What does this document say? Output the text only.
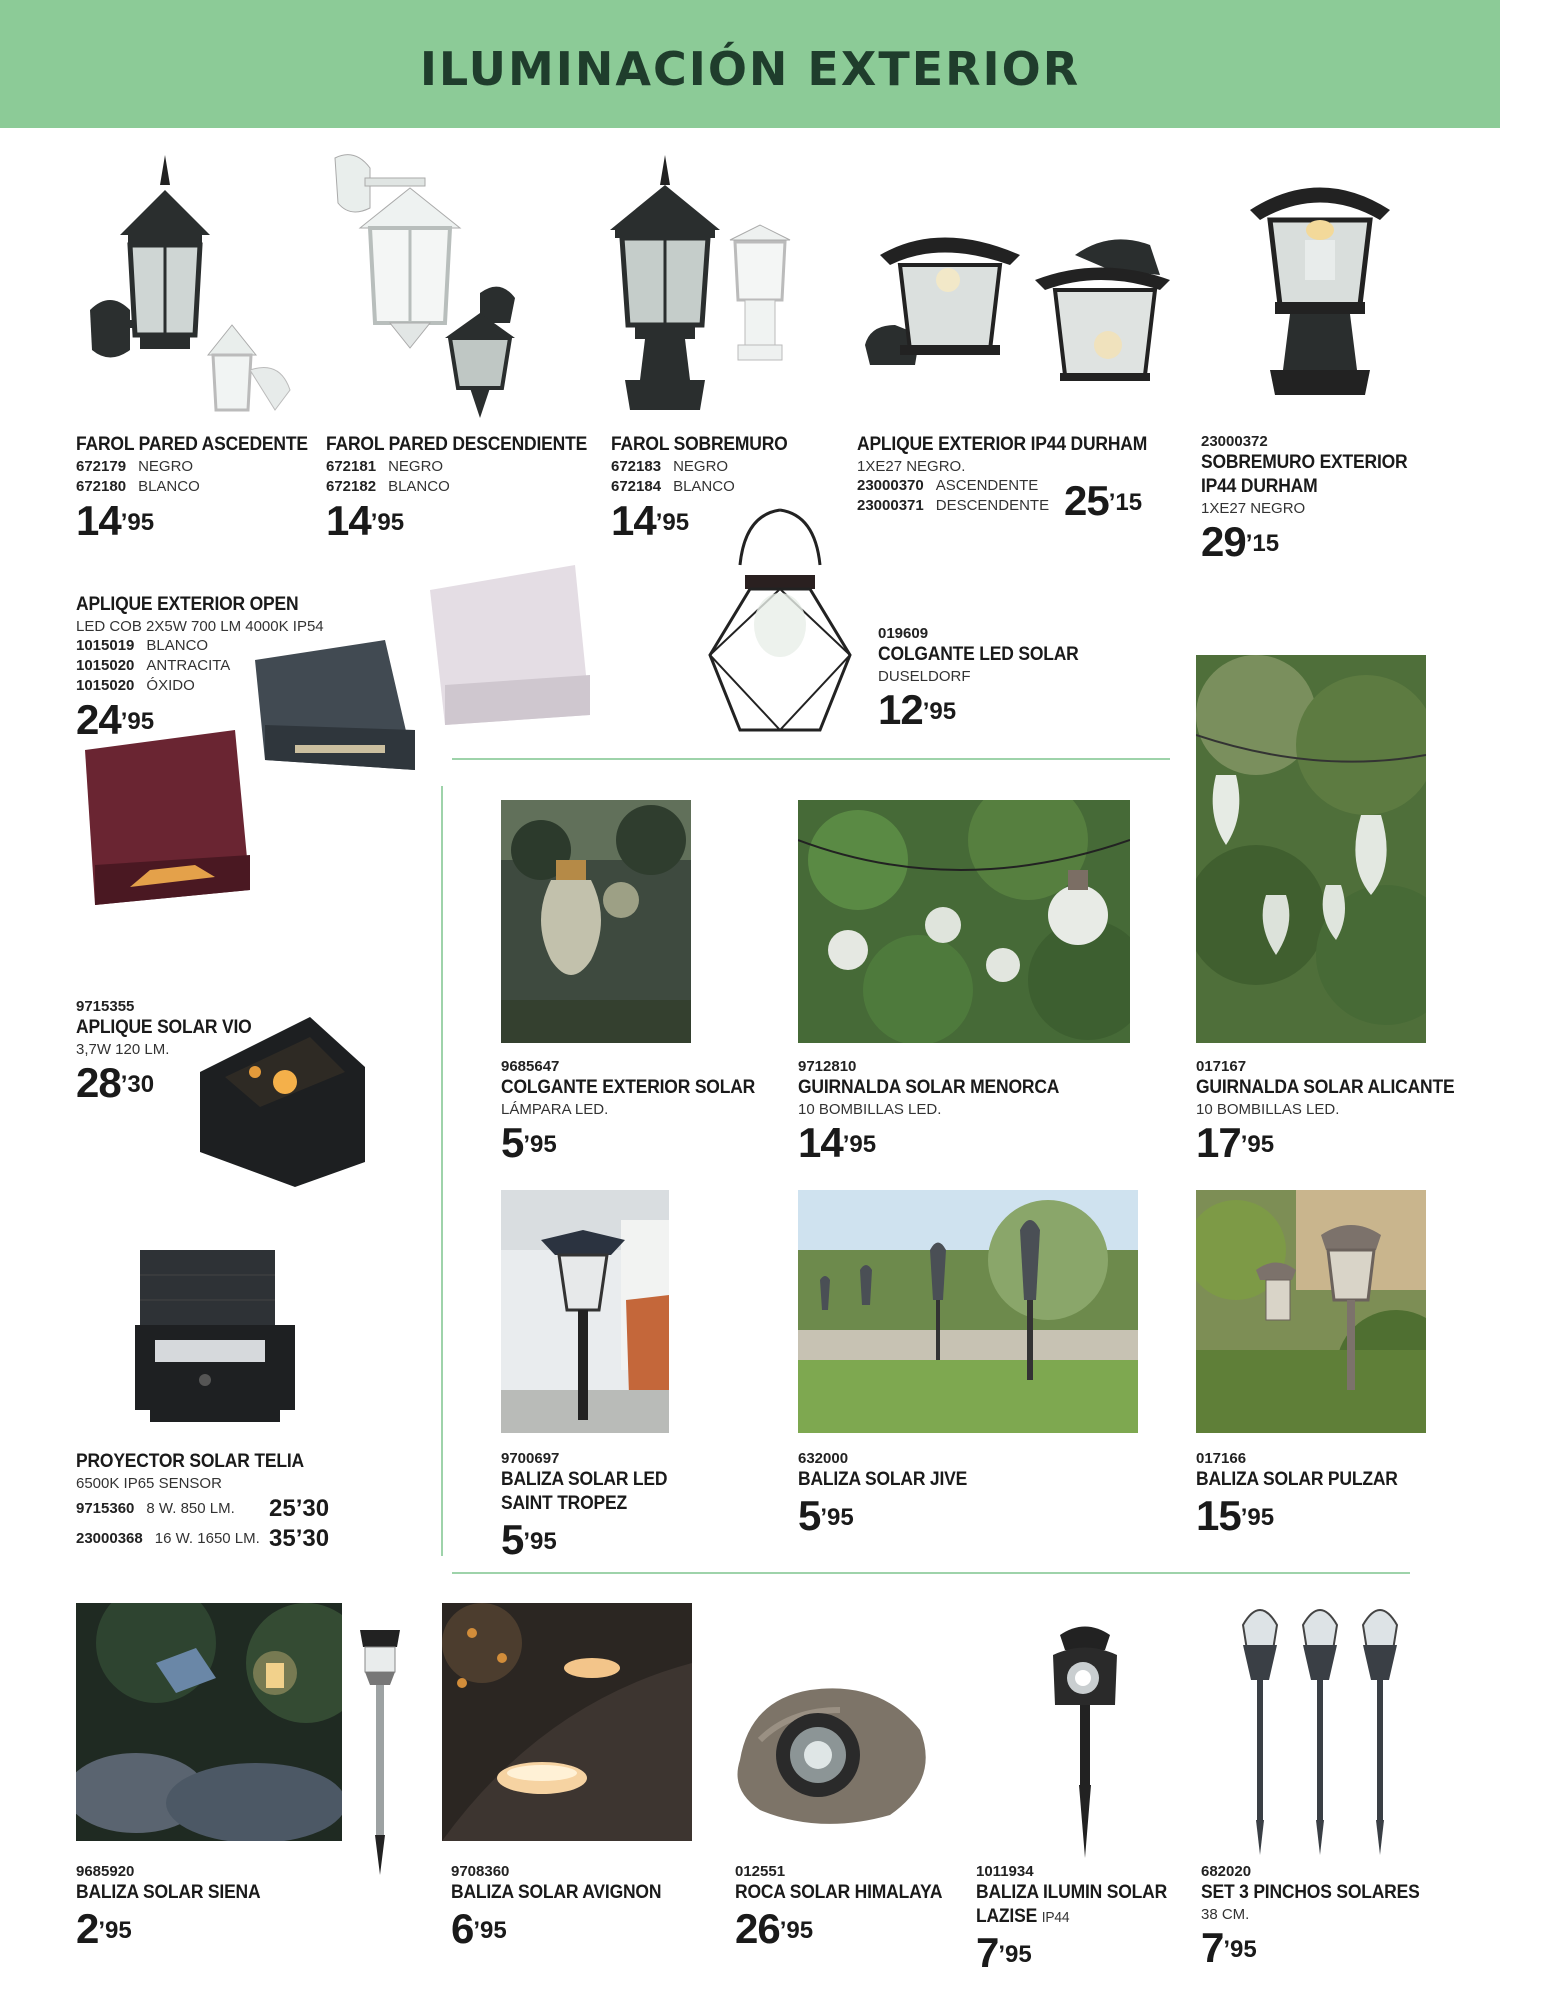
ILUMINACIÓN EXTERIOR
FAROL PARED ASCEDENTE
672179 NEGRO
672180 BLANCO
$14^{’95}$
FAROL PARED DESCENDIENTE
672181 NEGRO
672182 BLANCO
$14^{’95}$
FAROL SOBREMURO
672183 NEGRO
672184 BLANCO
$14^{’95}$
APLIQUE EXTERIOR IP44 DURHAM
1XE27 NEGRO.
23000370 ASCENDENTE
23000371 DESCENDENTE $25^{’15}$
23000372
SOBREMURO EXTERIOR
IP44 DURHAM
1XE27 NEGRO
$29^{’15}$
APLIQUE EXTERIOR OPEN
LED COB 2X5W 700 LM 4000K IP54
1015019 BLANCO
1015020 ANTRACITA
1015020 ÓXIDO
$24^{’95}$
019609
COLGANTE LED SOLAR
DUSELDORF
$12^{’95}$
9685647
COLGANTE EXTERIOR SOLAR
LÁMPARA LED.
$5^{’95}$
9712810
GUIRNALDA SOLAR MENORCA
10 BOMBILLAS LED.
$14^{’95}$
017167
GUIRNALDA SOLAR ALICANTE
10 BOMBILLAS LED.
$17^{’95}$
9715355
APLIQUE SOLAR VIO
3,7W 120 LM.
$28^{’30}$
PROYECTOR SOLAR TELIA
6500K IP65 SENSOR
9715360 8 W. 850 LM. 25’30
23000368 16 W. 1650 LM. 35’30
9700697
BALIZA SOLAR LED
SAINT TROPEZ
$5^{’95}$
632000
BALIZA SOLAR JIVE
$5^{’95}$
017166
BALIZA SOLAR PULZAR
$15^{’95}$
9685920
BALIZA SOLAR SIENA
$2^{’95}$
9708360
BALIZA SOLAR AVIGNON
$6^{’95}$
012551
ROCA SOLAR HIMALAYA
$26^{’95}$
1011934
BALIZA ILUMIN SOLAR
LAZISE IP44
$7^{’95}$
682020
SET 3 PINCHOS SOLARES
38 CM.
$7^{’95}$
